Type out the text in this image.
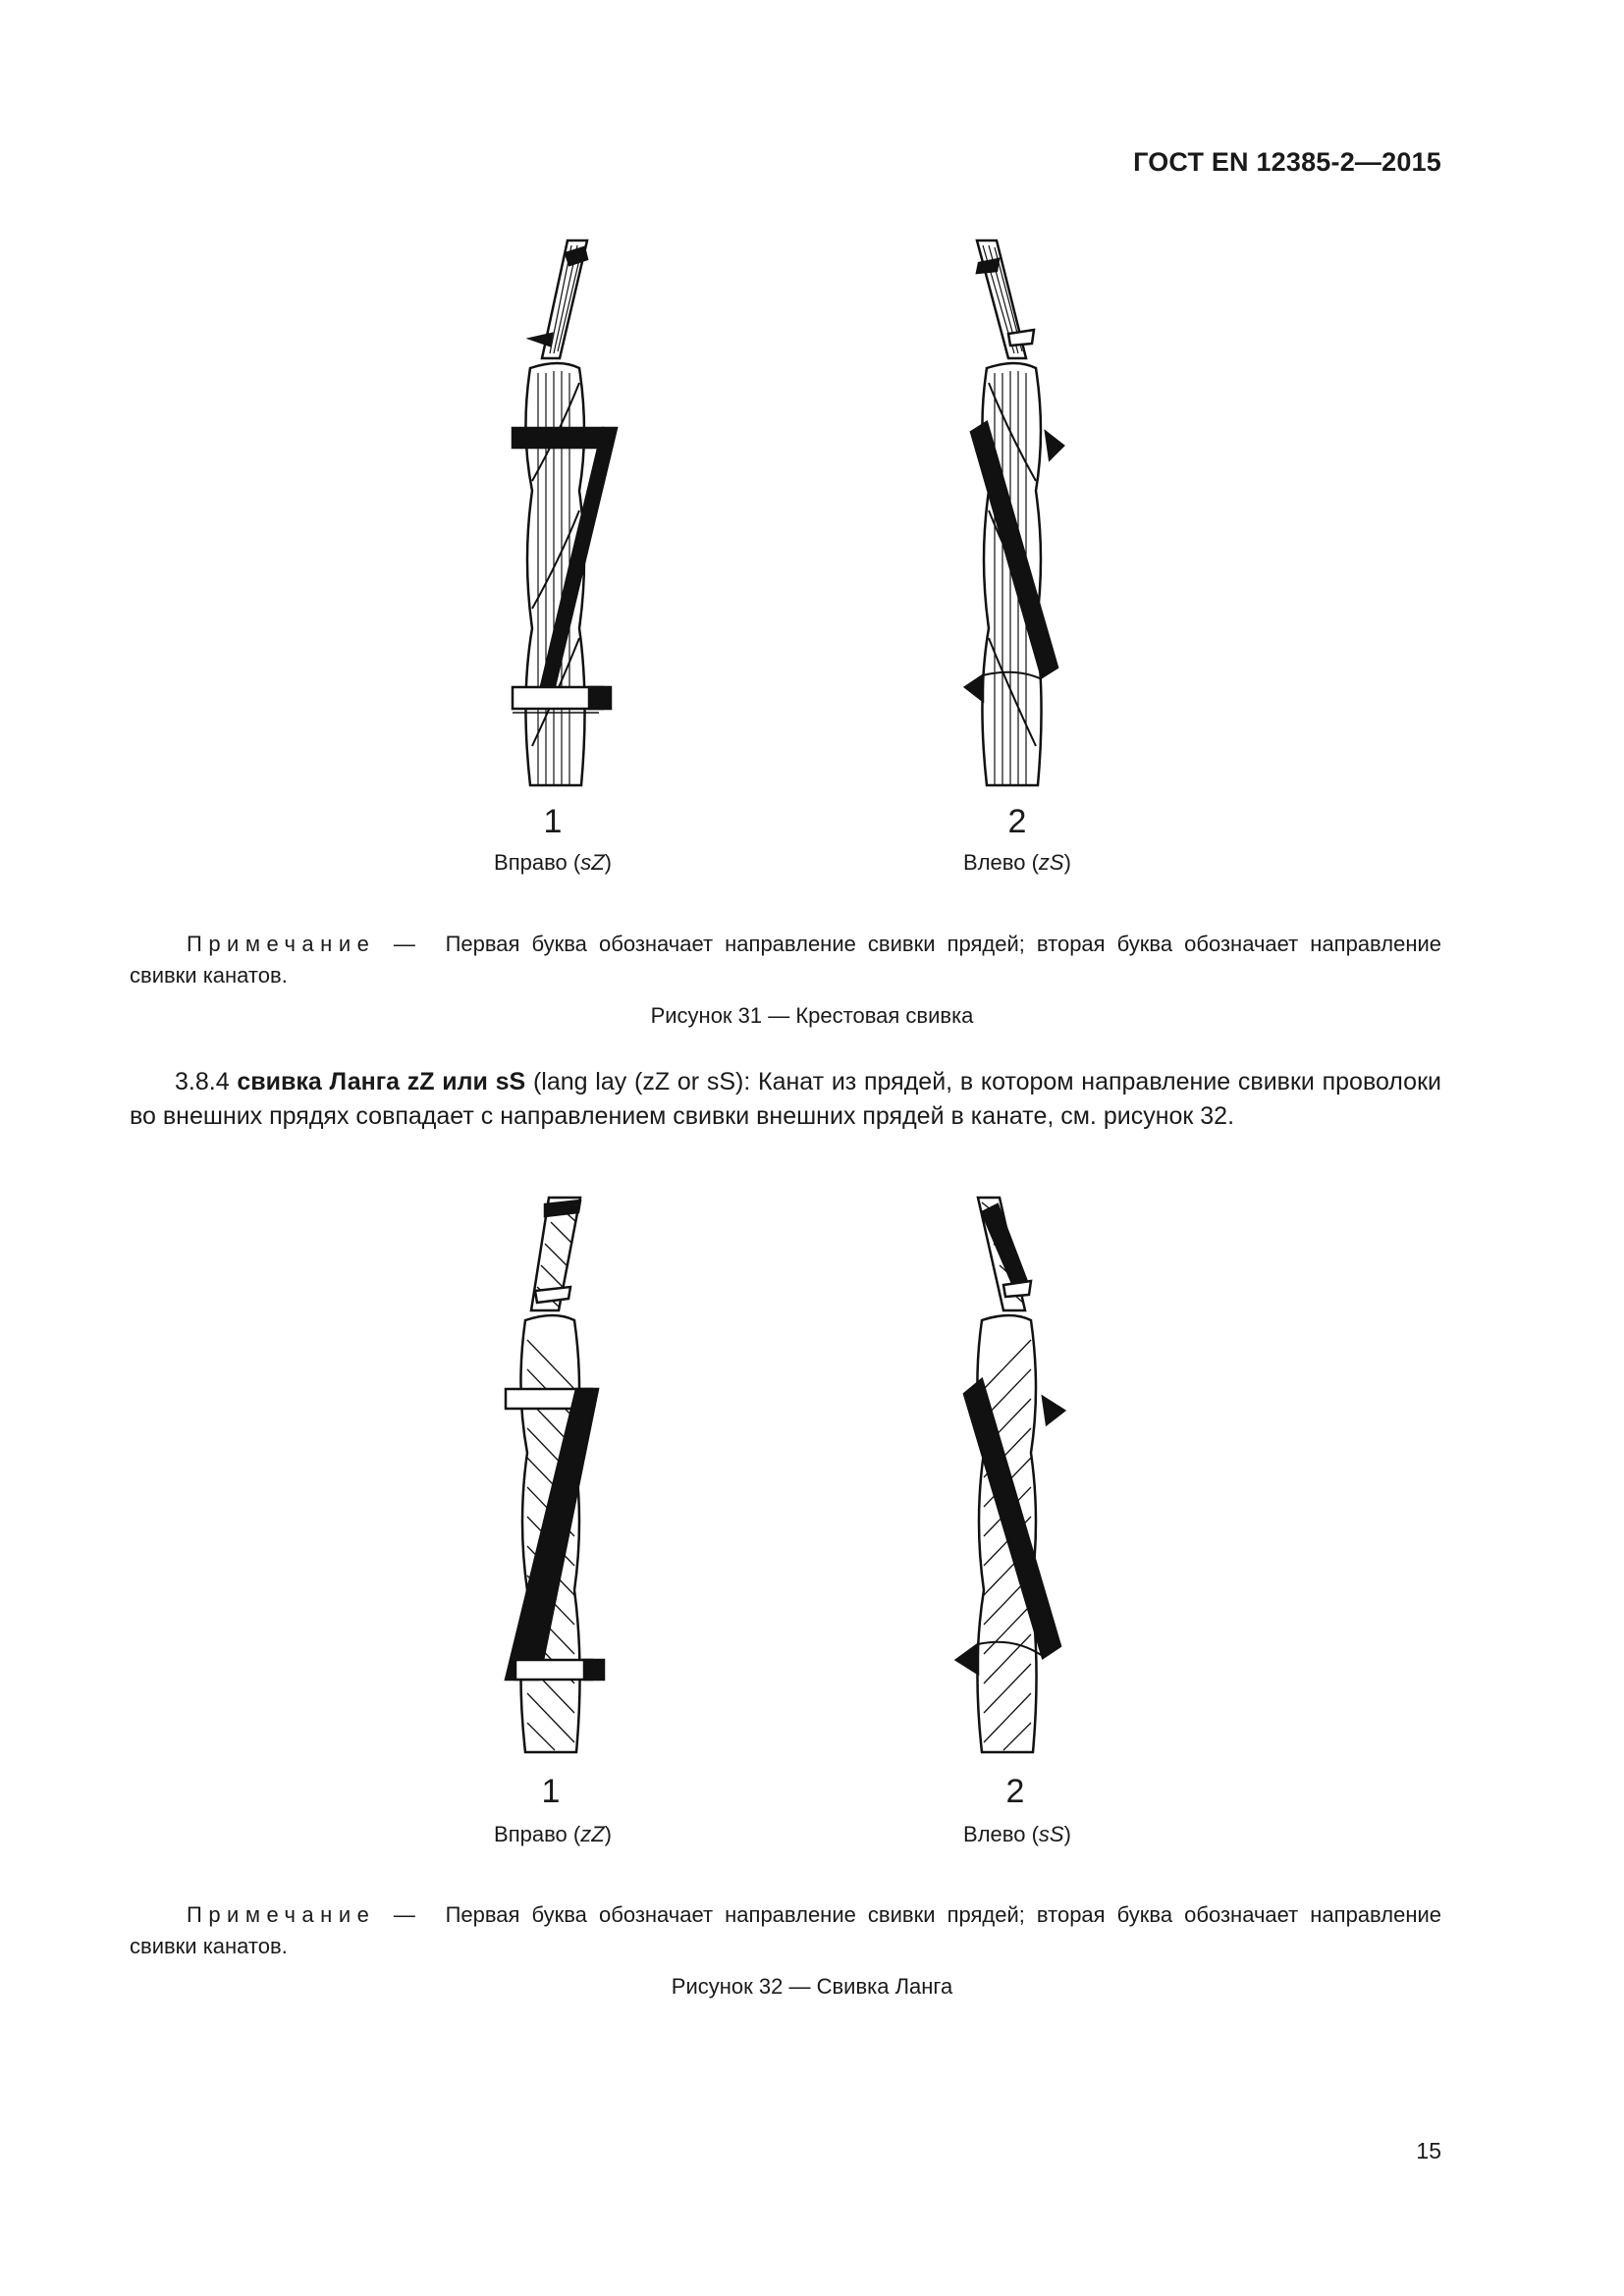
ГОСТ EN 12385-2—2015
1	2
Вправо (sZ)	Влево (zS)
Примечание — Первая буква обозначает направление свивки прядей; вторая буква обозначает направление свивки канатов.
Рисунок 31 — Крестовая свивка
3.8.4 свивка Ланга zZ или sS (lang lay (zZ or sS): Канат из прядей, в котором направление свивки проволоки во внешних прядях совпадает с направлением свивки внешних прядей в канате, см. рисунок 32.
1	2
Вправо (zZ)	Влево (sS)
Примечание — Первая буква обозначает направление свивки прядей; вторая буква обозначает направление свивки канатов.
Рисунок 32 — Свивка Ланга
15
